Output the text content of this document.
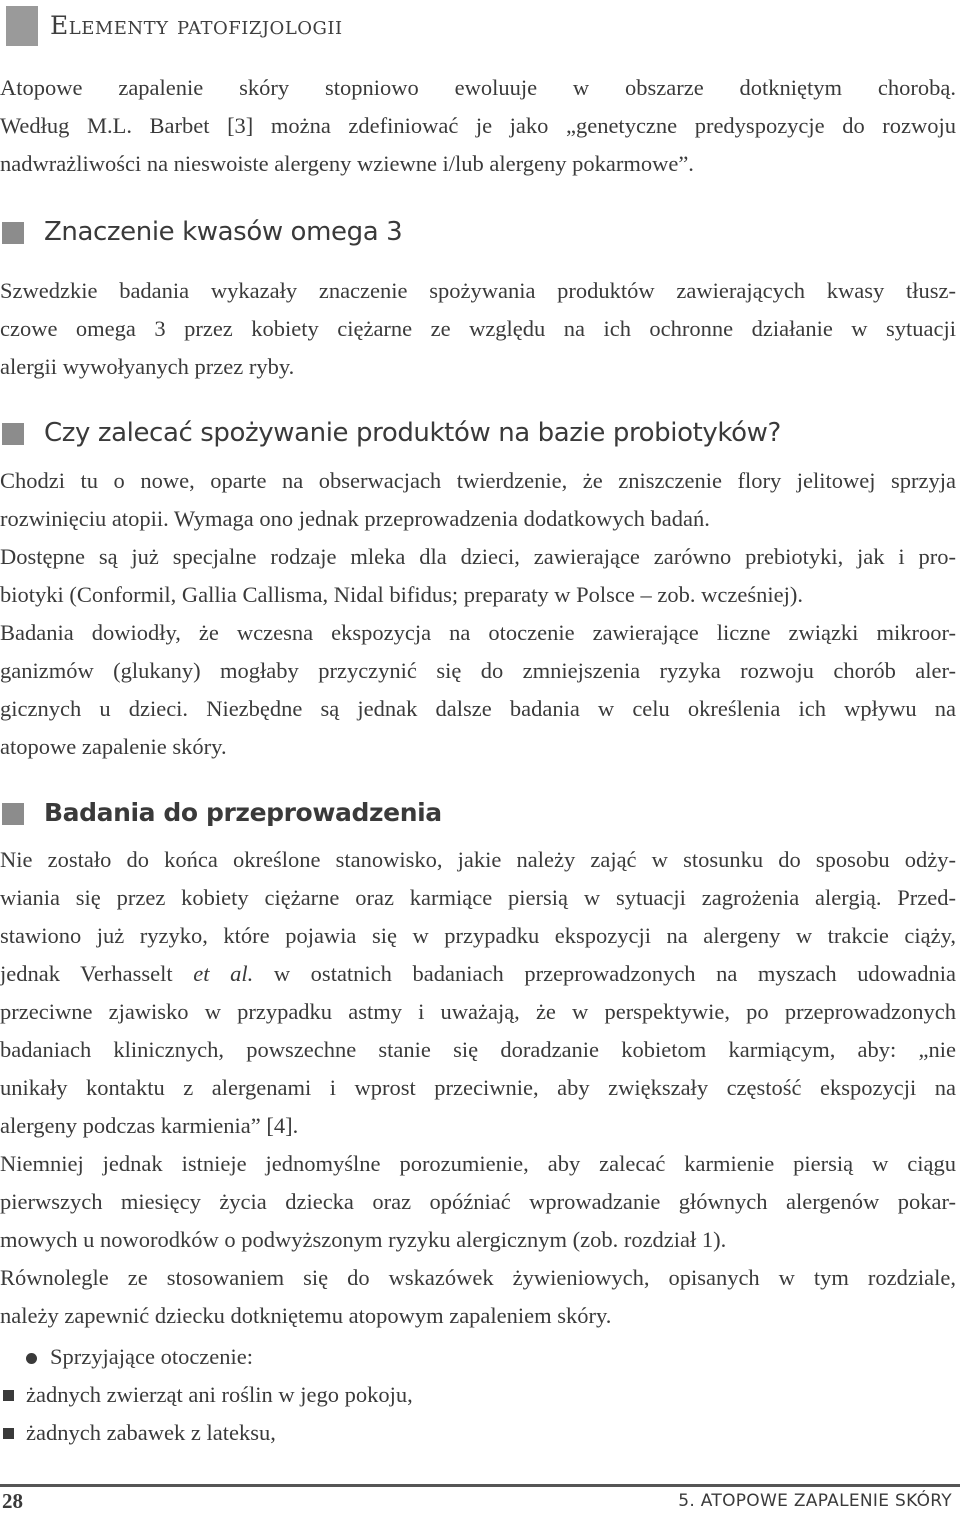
Elementy patofizjologii
Atopowe zapalenie skóry stopniowo ewoluuje w obszarze dotkniętym chorobą.
Według M.L. Barbet [3] można zdefiniować je jako „genetyczne predyspozycje do rozwoju
nadwrażliwości na nieswoiste alergeny wziewne i/lub alergeny pokarmowe”.
Znaczenie kwasów omega 3
Szwedzkie badania wykazały znaczenie spożywania produktów zawierających kwasy tłusz-
czowe omega 3 przez kobiety ciężarne ze względu na ich ochronne działanie w sytuacji
alergii wywołyanych przez ryby.
Czy zalecać spożywanie produktów na bazie probiotyków?
Chodzi tu o nowe, oparte na obserwacjach twierdzenie, że zniszczenie flory jelitowej sprzyja
rozwinięciu atopii. Wymaga ono jednak przeprowadzenia dodatkowych badań.
Dostępne są już specjalne rodzaje mleka dla dzieci, zawierające zarówno prebiotyki, jak i pro-
biotyki (Conformil, Gallia Callisma, Nidal bifidus; preparaty w Polsce – zob. wcześniej).
Badania dowiodły, że wczesna ekspozycja na otoczenie zawierające liczne związki mikroor-
ganizmów (glukany) mogłaby przyczynić się do zmniejszenia ryzyka rozwoju chorób aler-
gicznych u dzieci. Niezbędne są jednak dalsze badania w celu określenia ich wpływu na
atopowe zapalenie skóry.
Badania do przeprowadzenia
Nie zostało do końca określone stanowisko, jakie należy zająć w stosunku do sposobu odży-
wiania się przez kobiety ciężarne oraz karmiące piersią w sytuacji zagrożenia alergią. Przed-
stawiono już ryzyko, które pojawia się w przypadku ekspozycji na alergeny w trakcie ciąży,
jednak Verhasselt et al. w ostatnich badaniach przeprowadzonych na myszach udowadnia
przeciwne zjawisko w przypadku astmy i uważają, że w perspektywie, po przeprowadzonych
badaniach klinicznych, powszechne stanie się doradzanie kobietom karmiącym, aby: „nie
unikały kontaktu z alergenami i wprost przeciwnie, aby zwiększały częstość ekspozycji na
alergeny podczas karmienia” [4].
Niemniej jednak istnieje jednomyślne porozumienie, aby zalecać karmienie piersią w ciągu
pierwszych miesięcy życia dziecka oraz opóźniać wprowadzanie głównych alergenów pokar-
mowych u noworodków o podwyższonym ryzyku alergicznym (zob. rozdział 1).
Równolegle ze stosowaniem się do wskazówek żywieniowych, opisanych w tym rozdziale,
należy zapewnić dziecku dotkniętemu atopowym zapaleniem skóry.
Sprzyjające otoczenie:
żadnych zwierząt ani roślin w jego pokoju,
żadnych zabawek z lateksu,
28	5. ATOPOWE ZAPALENIE SKÓRY
